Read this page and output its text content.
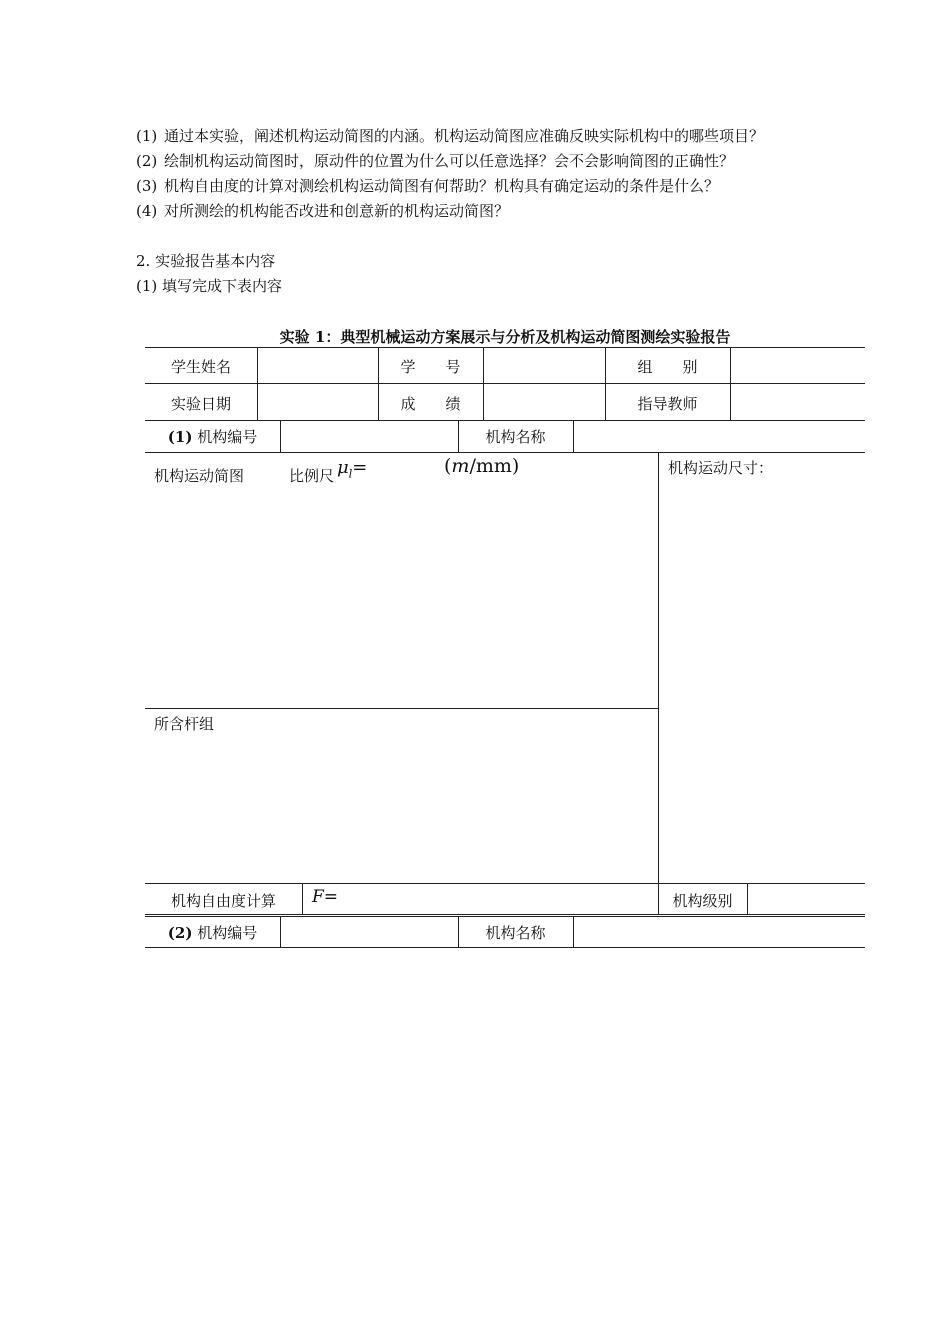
(1) 通过本实验，阐述机构运动简图的内涵。机构运动简图应准确反映实际机构中的哪些项目？
(2) 绘制机构运动简图时，原动件的位置为什么可以任意选择？会不会影响简图的正确性？
(3) 机构自由度的计算对测绘机构运动简图有何帮助？机构具有确定运动的条件是什么？
(4) 对所测绘的机构能否改进和创意新的机构运动简图？
2. 实验报告基本内容
(1) 填写完成下表内容
实验 1：典型机械运动方案展示与分析及机构运动简图测绘实验报告
学生姓名	学　　号	组　　别
实验日期	成　　绩	指导教师
(1) 机构编号	机构名称
机构运动简图	比例尺 $\mu_l=$	(m/mm)	机构运动尺寸：
所含杆组
机构自由度计算	F=	机构级别
(2) 机构编号	机构名称
